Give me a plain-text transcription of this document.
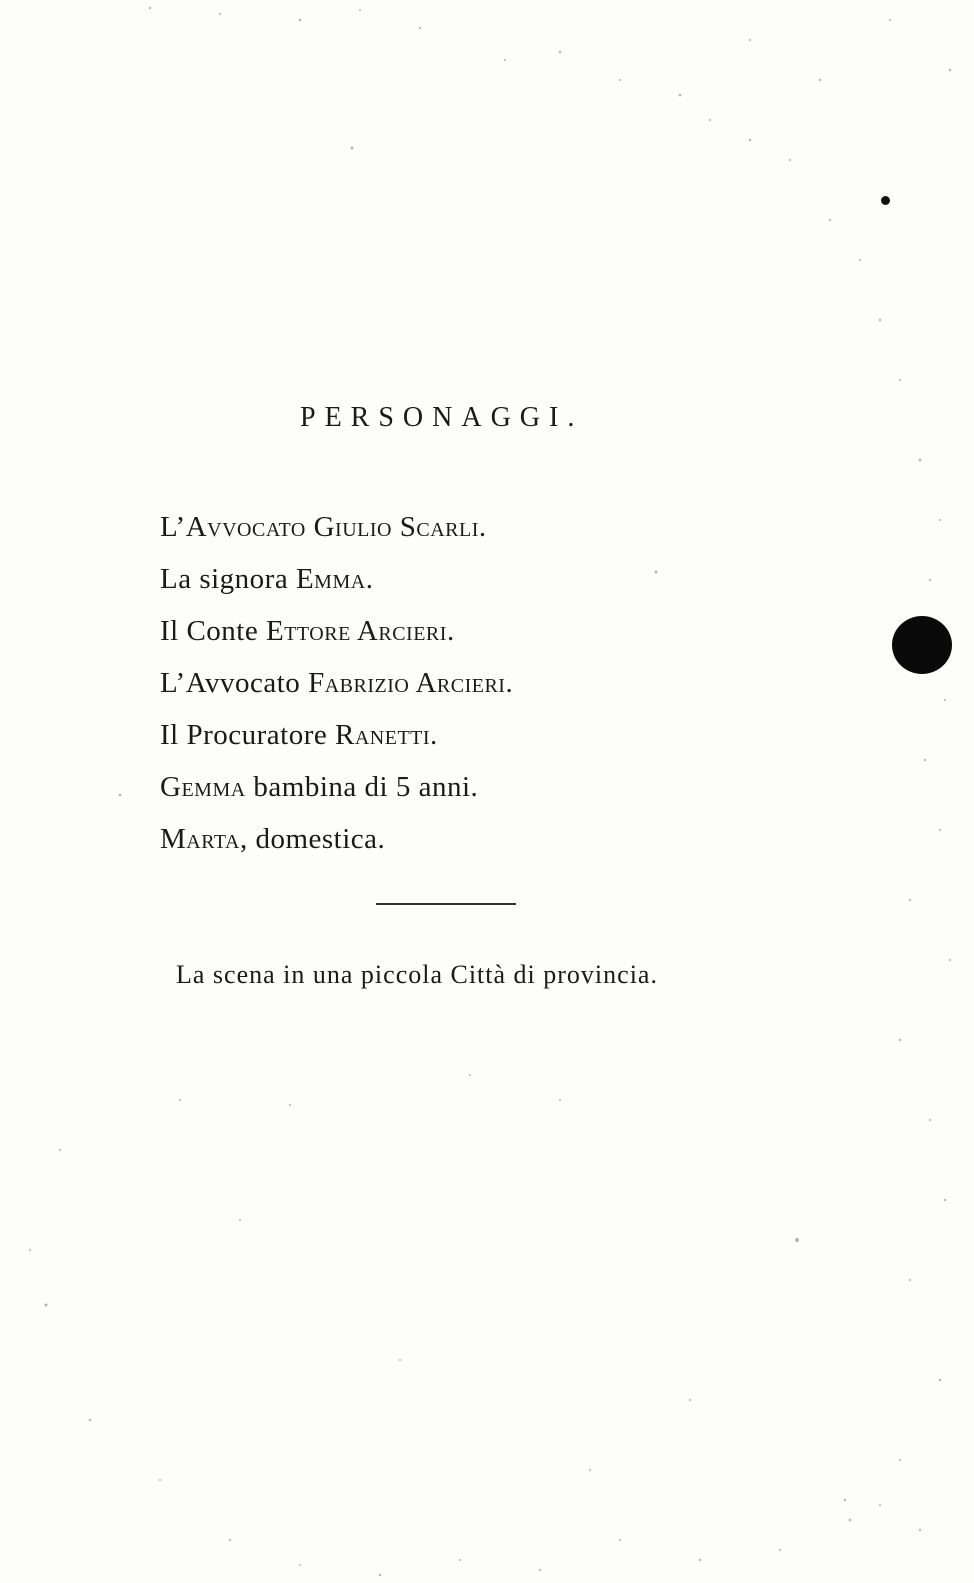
PERSONAGGI.
L’Avvocato Giulio Scarli.
La signora Emma.
Il Conte Ettore Arcieri.
L’Avvocato Fabrizio Arcieri.
Il Procuratore Ranetti.
Gemma bambina di 5 anni.
Marta, domestica.
La scena in una piccola Città di provincia.
